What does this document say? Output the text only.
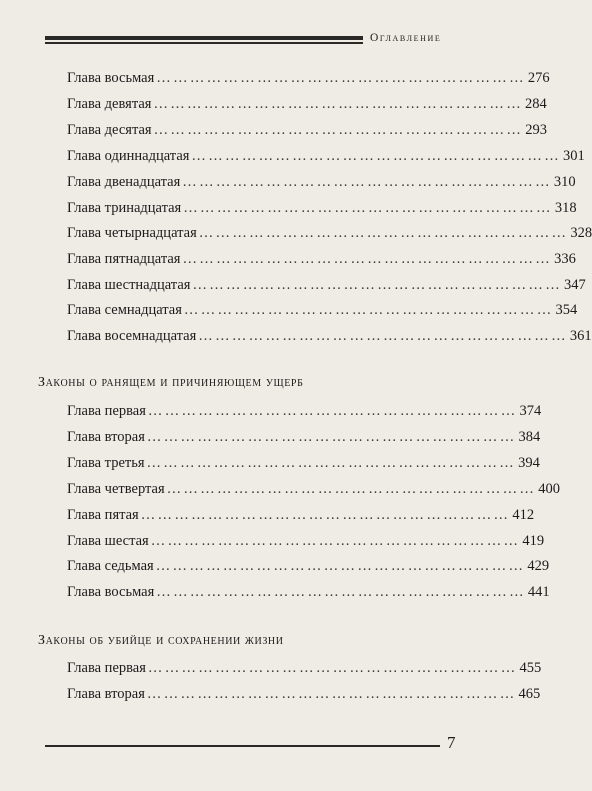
Оглавление
Глава восьмая ………………………………………………………… 276
Глава девятая ………………………………………………………… 284
Глава десятая ………………………………………………………… 293
Глава одиннадцатая ………………………………………………………… 301
Глава двенадцатая ………………………………………………………… 310
Глава тринадцатая ………………………………………………………… 318
Глава четырнадцатая ………………………………………………………… 328
Глава пятнадцатая ………………………………………………………… 336
Глава шестнадцатая ………………………………………………………… 347
Глава семнадцатая ………………………………………………………… 354
Глава восемнадцатая ………………………………………………………… 361
Законы о ранящем и причиняющем ущерб
Глава первая ………………………………………………………… 374
Глава вторая ………………………………………………………… 384
Глава третья ………………………………………………………… 394
Глава четвертая ………………………………………………………… 400
Глава пятая ………………………………………………………… 412
Глава шестая ………………………………………………………… 419
Глава седьмая ………………………………………………………… 429
Глава восьмая ………………………………………………………… 441
Законы об убийце и сохранении жизни
Глава первая ………………………………………………………… 455
Глава вторая ………………………………………………………… 465
7
